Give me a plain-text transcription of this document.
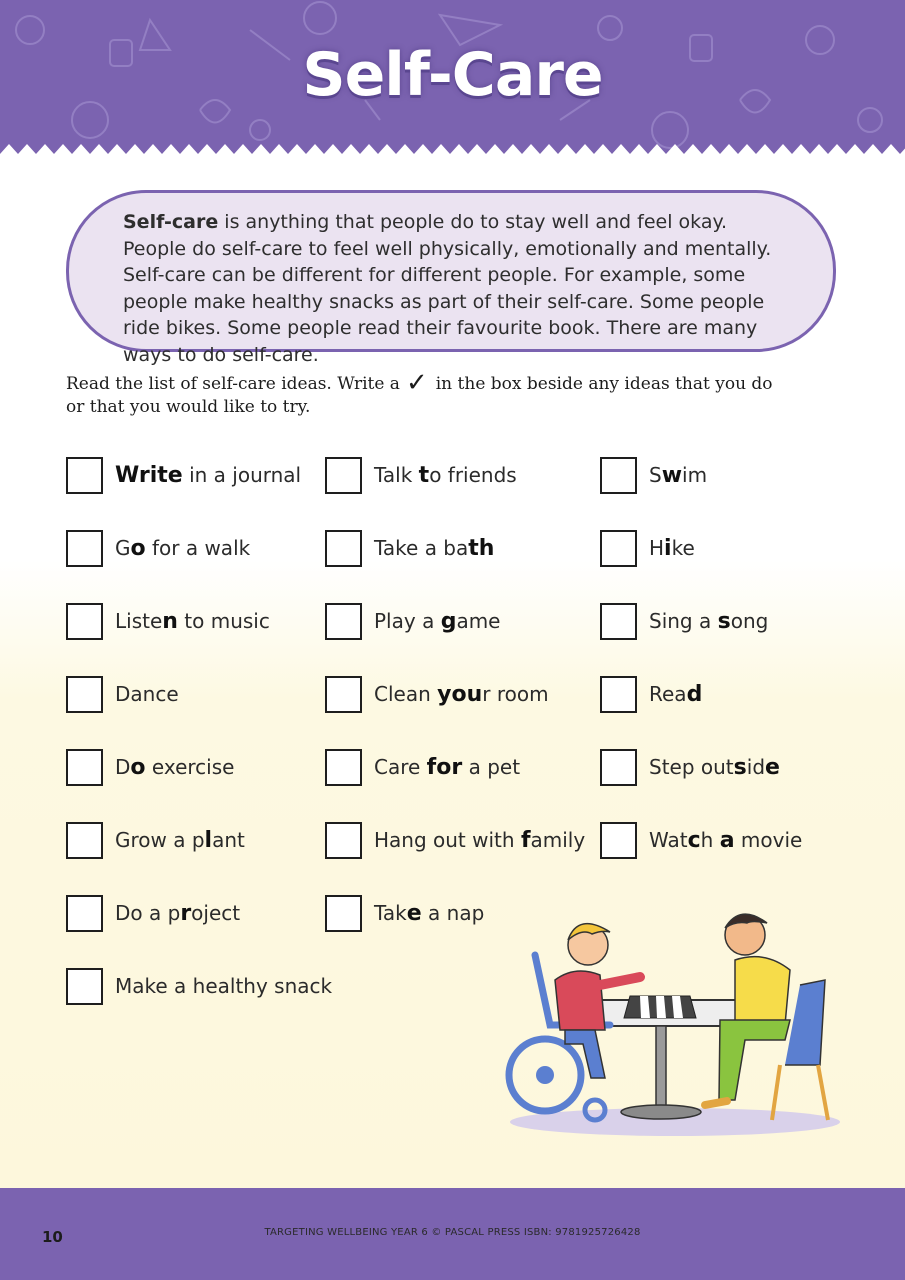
Self-Care
Self-care is anything that people do to stay well and feel okay. People do self-care to feel well physically, emotionally and mentally. Self-care can be different for different people. For example, some people make healthy snacks as part of their self-care. Some people ride bikes. Some people read their favourite book. There are many ways to do self-care.
Read the list of self-care ideas. Write a ✓ in the box beside any ideas that you do or that you would like to try.
Write in a journal
Go for a walk
Listen to music
Dance
Do exercise
Grow a plant
Do a project
Make a healthy snack
Talk to friends
Take a bath
Play a game
Clean your room
Care for a pet
Hang out with family
Take a nap
Swim
Hike
Sing a song
Read
Step outside
Watch a movie
10	TARGETING WELLBEING YEAR 6 © PASCAL PRESS ISBN: 9781925726428
